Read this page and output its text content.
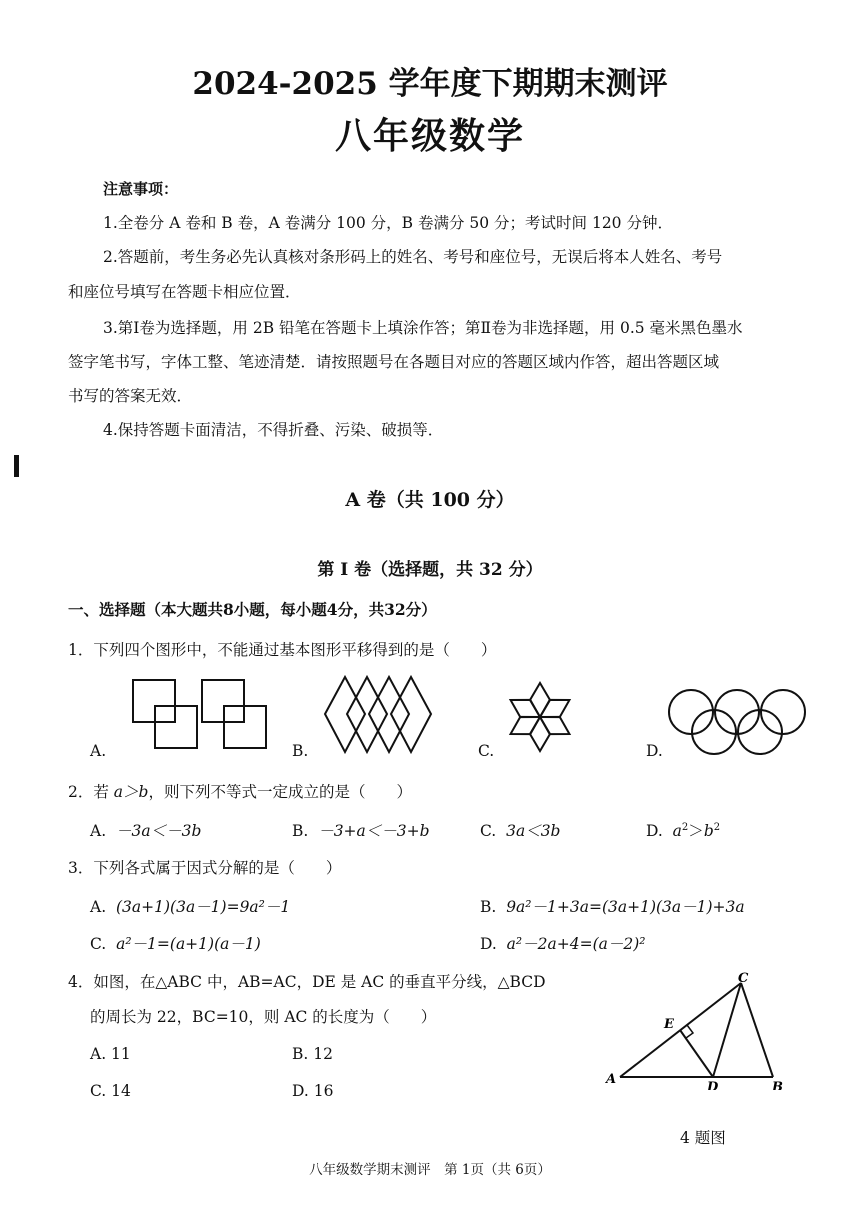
2024-2025 学年度下期期末测评
八年级数学
注意事项：
1.全卷分 A 卷和 B 卷，A 卷满分 100 分，B 卷满分 50 分；考试时间 120 分钟．
2.答题前，考生务必先认真核对条形码上的姓名、考号和座位号，无误后将本人姓名、考号
和座位号填写在答题卡相应位置．
3.第Ⅰ卷为选择题，用 2B 铅笔在答题卡上填涂作答；第Ⅱ卷为非选择题，用 0.5 毫米黑色墨水
签字笔书写，字体工整、笔迹清楚．请按照题号在各题目对应的答题区域内作答，超出答题区域
书写的答案无效．
4.保持答题卡面清洁，不得折叠、污染、破损等．
A 卷（共 100 分）
第 I 卷（选择题，共 32 分）
一、选择题（本大题共8小题，每小题4分，共32分）
1．下列四个图形中，不能通过基本图形平移得到的是（　　）
A.	B.	C.	D.
2．若 a＞b，则下列不等式一定成立的是（　　）
A. －3a＜－3b	B. －3+a＜－3+b	C. 3a＜3b	D. $a^2>b^2$
3．下列各式属于因式分解的是（　　）
A. (3a+1)(3a－1)=9a²－1	B. 9a²－1+3a=(3a+1)(3a－1)+3a
C. a²－1=(a+1)(a－1)	D. a²－2a+4=(a－2)²
4．如图，在△ABC 中，AB=AC，DE 是 AC 的垂直平分线，△BCD
的周长为 22，BC=10，则 AC 的长度为（　　）
A. 11	B. 12
C. 14	D. 16
A
B
C
D
E
4 题图
八年级数学期末测评　第 1页（共 6页）
